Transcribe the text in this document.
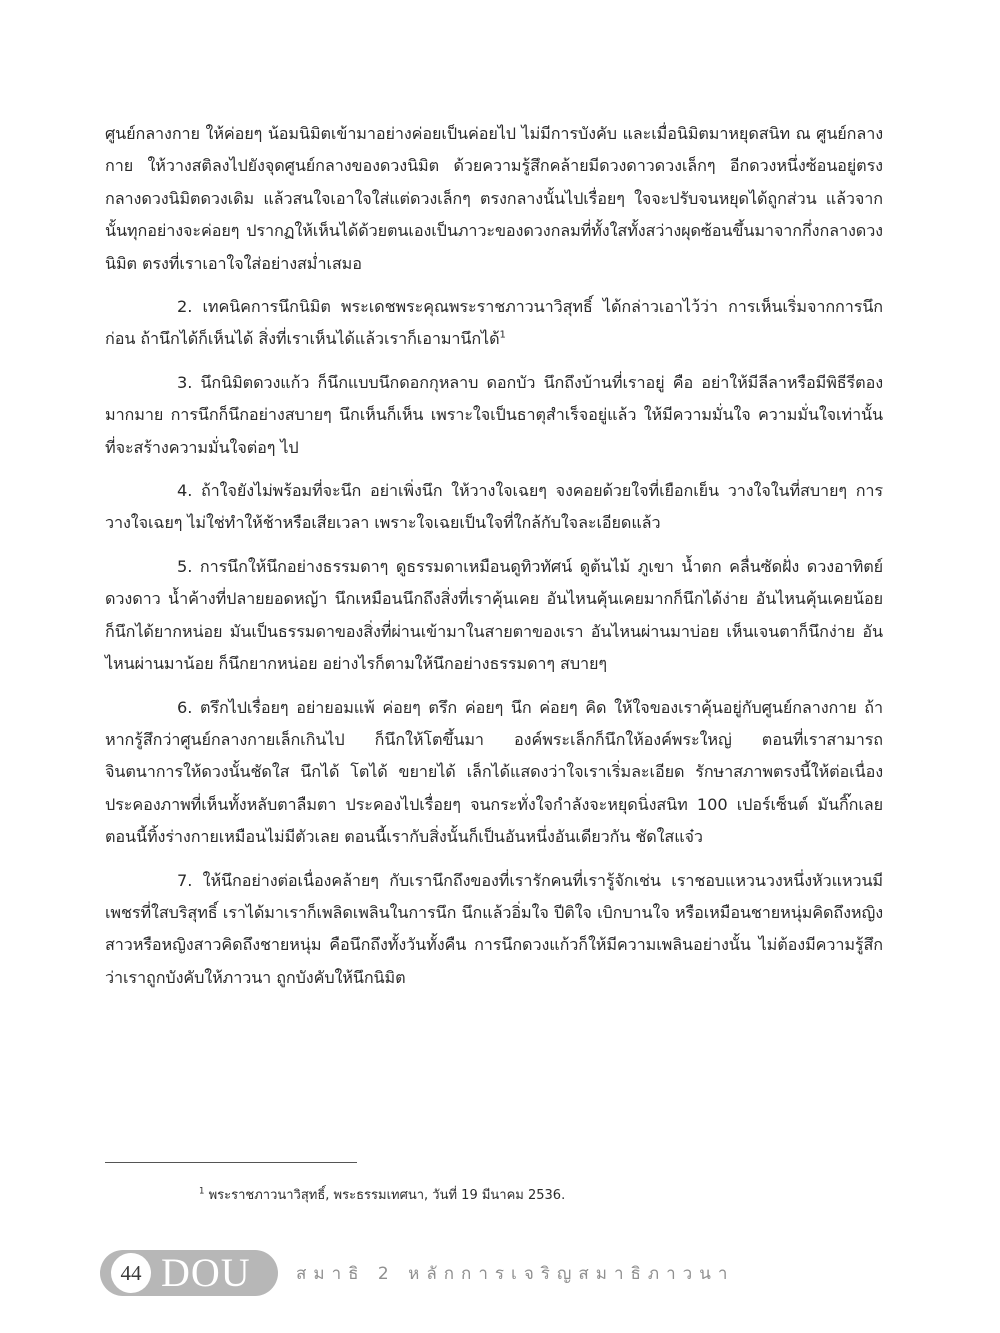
ศูนย์กลางกาย ให้ค่อยๆ น้อมนิมิตเข้ามาอย่างค่อยเป็นค่อยไป ไม่มีการบังคับ และเมื่อนิมิตมาหยุดสนิท ณ ศูนย์กลางกาย ให้วางสติลงไปยังจุดศูนย์กลางของดวงนิมิต ด้วยความรู้สึกคล้ายมีดวงดาวดวงเล็กๆ อีกดวงหนึ่งซ้อนอยู่ตรงกลางดวงนิมิตดวงเดิม แล้วสนใจเอาใจใส่แต่ดวงเล็กๆ ตรงกลางนั้นไปเรื่อยๆ ใจจะปรับจนหยุดได้ถูกส่วน แล้วจากนั้นทุกอย่างจะค่อยๆ ปรากฏให้เห็นได้ด้วยตนเองเป็นภาวะของดวงกลมที่ทั้งใสทั้งสว่างผุดซ้อนขึ้นมาจากกึ่งกลางดวงนิมิต ตรงที่เราเอาใจใส่อย่างสม่ำเสมอ

2. เทคนิคการนึกนิมิต พระเดชพระคุณพระราชภาวนาวิสุทธิ์ ได้กล่าวเอาไว้ว่า การเห็นเริ่มจากการนึกก่อน ถ้านึกได้ก็เห็นได้ สิ่งที่เราเห็นได้แล้วเราก็เอามานึกได้$^1$

3. นึกนิมิตดวงแก้ว ก็นึกแบบนึกดอกกุหลาบ ดอกบัว นึกถึงบ้านที่เราอยู่ คือ อย่าให้มีลีลาหรือมีพิธีรีตองมากมาย การนึกก็นึกอย่างสบายๆ นึกเห็นก็เห็น เพราะใจเป็นธาตุสำเร็จอยู่แล้ว ให้มีความมั่นใจ ความมั่นใจเท่านั้น ที่จะสร้างความมั่นใจต่อๆ ไป

4. ถ้าใจยังไม่พร้อมที่จะนึก อย่าเพิ่งนึก ให้วางใจเฉยๆ จงคอยด้วยใจที่เยือกเย็น วางใจในที่สบายๆ การวางใจเฉยๆ ไม่ใช่ทำให้ช้าหรือเสียเวลา เพราะใจเฉยเป็นใจที่ใกล้กับใจละเอียดแล้ว

5. การนึกให้นึกอย่างธรรมดาๆ ดูธรรมดาเหมือนดูทิวทัศน์ ดูต้นไม้ ภูเขา น้ำตก คลื่นซัดฝั่ง ดวงอาทิตย์ ดวงดาว น้ำค้างที่ปลายยอดหญ้า นึกเหมือนนึกถึงสิ่งที่เราคุ้นเคย อันไหนคุ้นเคยมากก็นึกได้ง่าย อันไหนคุ้นเคยน้อยก็นึกได้ยากหน่อย มันเป็นธรรมดาของสิ่งที่ผ่านเข้ามาในสายตาของเรา อันไหนผ่านมาบ่อย เห็นเจนตาก็นึกง่าย อันไหนผ่านมาน้อย ก็นึกยากหน่อย อย่างไรก็ตามให้นึกอย่างธรรมดาๆ สบายๆ

6. ตรึกไปเรื่อยๆ อย่ายอมแพ้ ค่อยๆ ตรึก ค่อยๆ นึก ค่อยๆ คิด ให้ใจของเราคุ้นอยู่กับศูนย์กลางกาย ถ้าหากรู้สึกว่าศูนย์กลางกายเล็กเกินไป ก็นึกให้โตขึ้นมา องค์พระเล็กก็นึกให้องค์พระใหญ่ ตอนที่เราสามารถจินตนาการให้ดวงนั้นชัดใส นึกได้ โตได้ ขยายได้ เล็กได้แสดงว่าใจเราเริ่มละเอียด รักษาสภาพตรงนี้ให้ต่อเนื่อง ประคองภาพที่เห็นทั้งหลับตาลืมตา ประคองไปเรื่อยๆ จนกระทั่งใจกำลังจะหยุดนิ่งสนิท 100 เปอร์เซ็นต์ มันกิ๊กเลย ตอนนี้ทิ้งร่างกายเหมือนไม่มีตัวเลย ตอนนี้เรากับสิ่งนั้นก็เป็นอันหนึ่งอันเดียวกัน ชัดใสแจ๋ว

7. ให้นึกอย่างต่อเนื่องคล้ายๆ กับเรานึกถึงของที่เรารักคนที่เรารู้จักเช่น เราชอบแหวนวงหนึ่งหัวแหวนมีเพชรที่ใสบริสุทธิ์ เราได้มาเราก็เพลิดเพลินในการนึก นึกแล้วอิ่มใจ ปีติใจ เบิกบานใจ หรือเหมือนชายหนุ่มคิดถึงหญิงสาวหรือหญิงสาวคิดถึงชายหนุ่ม คือนึกถึงทั้งวันทั้งคืน การนึกดวงแก้วก็ให้มีความเพลินอย่างนั้น ไม่ต้องมีความรู้สึกว่าเราถูกบังคับให้ภาวนา ถูกบังคับให้นึกนิมิต

$^1$ พระราชภาวนาวิสุทธิ์, พระธรรมเทศนา, วันที่ 19 มีนาคม 2536.
44 DOU	สมาธิ 2 หลักการเจริญสมาธิภาวนา
